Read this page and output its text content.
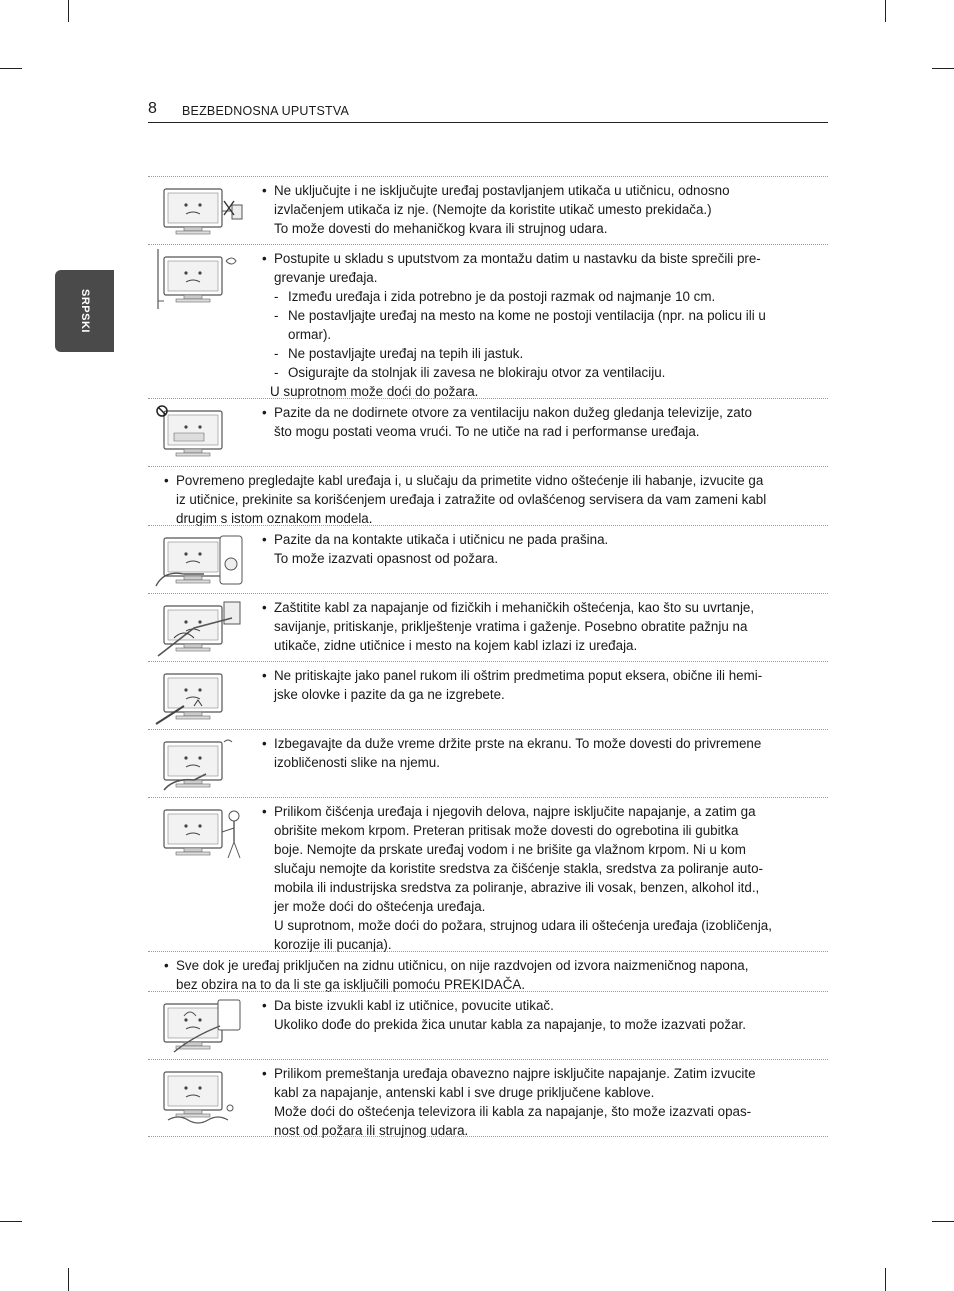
8 BEZBEDNOSNA UPUTSTVA
SRPSKI
• Ne uključujte i ne isključujte uređaj postavljanjem utikača u utičnicu, odnosno
izvlačenjem utikača iz nje. (Nemojte da koristite utikač umesto prekidača.)
To može dovesti do mehaničkog kvara ili strujnog udara.
• Postupite u skladu s uputstvom za montažu datim u nastavku da biste sprečili pre-
grevanje uređaja.
- Između uređaja i zida potrebno je da postoji razmak od najmanje 10 cm.
- Ne postavljajte uređaj na mesto na kome ne postoji ventilacija (npr. na policu ili u
ormar).
- Ne postavljajte uređaj na tepih ili jastuk.
- Osigurajte da stolnjak ili zavesa ne blokiraju otvor za ventilaciju.
U suprotnom može doći do požara.
• Pazite da ne dodirnete otvore za ventilaciju nakon dužeg gledanja televizije, zato
što mogu postati veoma vrući. To ne utiče na rad i performanse uređaja.
• Povremeno pregledajte kabl uređaja i, u slučaju da primetite vidno oštećenje ili habanje, izvucite ga
iz utičnice, prekinite sa korišćenjem uređaja i zatražite od ovlašćenog servisera da vam zameni kabl
drugim s istom oznakom modela.
• Pazite da na kontakte utikača i utičnicu ne pada prašina.
To može izazvati opasnost od požara.
• Zaštitite kabl za napajanje od fizičkih i mehaničkih oštećenja, kao što su uvrtanje,
savijanje, pritiskanje, priklještenje vratima i gaženje. Posebno obratite pažnju na
utikače, zidne utičnice i mesto na kojem kabl izlazi iz uređaja.
• Ne pritiskajte jako panel rukom ili oštrim predmetima poput eksera, obične ili hemi-
jske olovke i pazite da ga ne izgrebete.
• Izbegavajte da duže vreme držite prste na ekranu. To može dovesti do privremene
izobličenosti slike na njemu.
• Prilikom čišćenja uređaja i njegovih delova, najpre isključite napajanje, a zatim ga
obrišite mekom krpom. Preteran pritisak može dovesti do ogrebotina ili gubitka
boje. Nemojte da prskate uređaj vodom i ne brišite ga vlažnom krpom. Ni u kom
slučaju nemojte da koristite sredstva za čišćenje stakla, sredstva za poliranje auto-
mobila ili industrijska sredstva za poliranje, abrazive ili vosak, benzen, alkohol itd.,
jer može doći do oštećenja uređaja.
U suprotnom, može doći do požara, strujnog udara ili oštećenja uređaja (izobličenja,
korozije ili pucanja).
• Sve dok je uređaj priključen na zidnu utičnicu, on nije razdvojen od izvora naizmeničnog napona,
bez obzira na to da li ste ga isključili pomoću PREKIDAČA.
• Da biste izvukli kabl iz utičnice, povucite utikač.
Ukoliko dođe do prekida žica unutar kabla za napajanje, to može izazvati požar.
• Prilikom premeštanja uređaja obavezno najpre isključite napajanje. Zatim izvucite
kabl za napajanje, antenski kabl i sve druge priključene kablove.
Može doći do oštećenja televizora ili kabla za napajanje, što može izazvati opas-
nost od požara ili strujnog udara.
